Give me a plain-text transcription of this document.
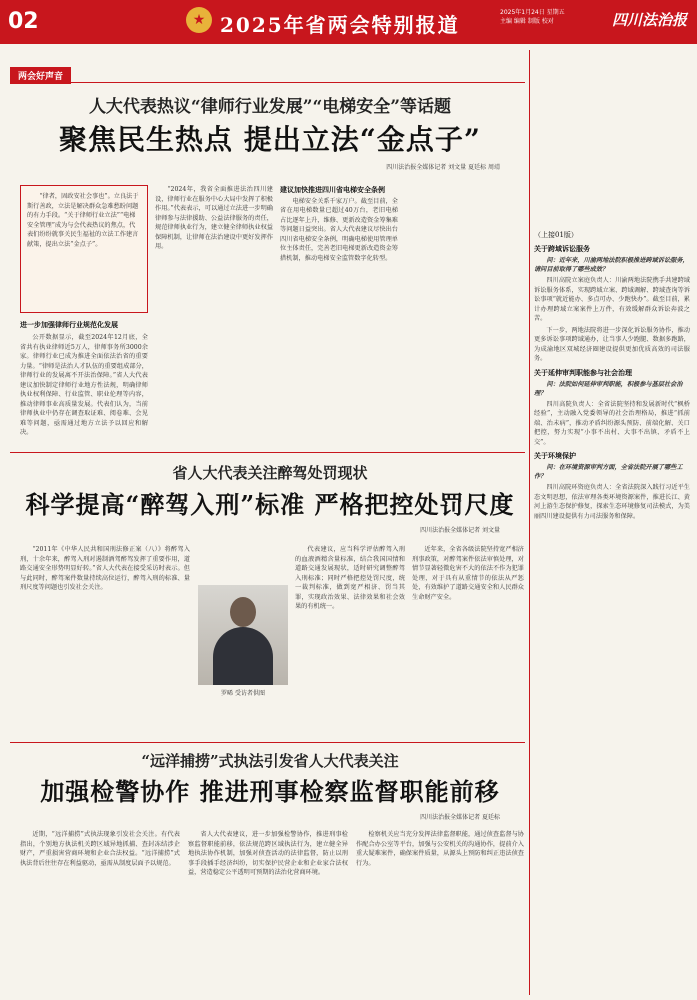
02	★ 2025年省两会特别报道
2025年1月24日 星期五
主编 编辑 制版 校对	四川法治报
两会好声音
人大代表热议“律师行业发展”“电梯安全”等话题
聚焦民生热点 提出立法“金点子”
四川法治报全媒体记者 刘文量 夏廷标 周靖

“律者，固政安社会事也”。立良法于斯行善政，立法是解决群众急难愁盼问题的有力手段。“关于律师行业立法”“电梯安全管理”成为与会代表热议的焦点，代表们纷纷就事关民生福祉的立法工作建言献策，提出立法“金点子”。

进一步加强律师行业规范化发展

公开数据显示，截至2024年12月底，全省共有执业律师近5万人，律师事务所3000余家。律师行业已成为推进全面依法治省的重要力量。“律师是法治人才队伍的重要组成部分，律师行业的发展离不开法治保障。”省人大代表建议加快制定律师行业地方性法规，明确律师执业权利保障、行业监管、职业伦理等内容，推动律师事业高质量发展。代表们认为，当前律师执业中仍存在调查取证难、阅卷难、会见难等问题，亟需通过地方立法予以回应和解决。

“2024年，我省全面推进法治四川建设，律师行业在服务中心大局中发挥了积极作用。”代表表示，可以通过立法进一步明确律师参与法律援助、公益法律服务的责任，规范律师执业行为，建立健全律师执业权益保障机制，让律师在法治建设中更好发挥作用。

建议加快推进四川省电梯安全条例

电梯安全关系千家万户。截至目前，全省在用电梯数量已超过40万台，老旧电梯占比逐年上升，维修、更新改造资金筹集难等问题日益突出。省人大代表建议尽快出台四川省电梯安全条例，明确电梯使用管理单位主体责任，完善老旧电梯更新改造资金筹措机制，推动电梯安全监管数字化转型。

（上接01版）
关于跨域诉讼服务
问：近年来，川渝两地法院积极推进跨域诉讼服务，请问目前取得了哪些成效？

四川高院立案庭负责人：川渝两地法院携手共建跨域诉讼服务体系，实现跨域立案、跨域调解、跨域查询等诉讼事项“就近能办、多点可办、少跑快办”。截至目前，累计办理跨域立案案件上万件，有效缓解群众诉讼奔波之苦。

下一步，两地法院将进一步深化诉讼服务协作，推动更多诉讼事项跨域通办，让当事人少跑腿、数据多跑路，为成渝地区双城经济圈建设提供更加优质高效的司法服务。

关于延伸审判职能参与社会治理
问：法院如何延伸审判职能，积极参与基层社会治理？

四川高院负责人：全省法院坚持和发展新时代“枫桥经验”，主动融入党委领导的社会治理格局，推进“抓前端、治未病”，推动矛盾纠纷源头预防、前端化解、关口把控，努力实现“小事不出村、大事不出镇、矛盾不上交”。

关于环境保护
问：在环境资源审判方面，全省法院开展了哪些工作？

四川高院环资庭负责人：全省法院深入践行习近平生态文明思想，依法审理各类环境资源案件，推进长江、黄河上游生态保护修复，探索生态环境修复司法模式，为美丽四川建设提供有力司法服务和保障。

省人大代表关注醉驾处罚现状
科学提高“醉驾入刑”标准 严格把控处罚尺度
四川法治报全媒体记者 刘文量

“2011年《中华人民共和国刑法修正案（八）》将醉驾入刑，十余年来，醉驾入刑对遏制酒驾醉驾发挥了重要作用，道路交通安全形势明显好转。”省人大代表在接受采访时表示。但与此同时，醉驾案件数量持续高位运行，醉驾入刑的标准、量刑尺度等问题也引发社会关注。

罗晞 受访者供图

代表建议，应当科学评估醉驾入刑的血液酒精含量标准，结合我国国情和道路交通发展现状，适时研究调整醉驾入刑标准；同时严格把控处罚尺度，统一裁判标准，做到宽严相济、罚当其罪，实现政治效果、法律效果和社会效果的有机统一。

近年来，全省各级法院坚持宽严相济刑事政策，对醉驾案件依法审慎处理，对情节显著轻微危害不大的依法不作为犯罪处理，对于具有从重情节的依法从严惩处，有效维护了道路交通安全和人民群众生命财产安全。

“远洋捕捞”式执法引发省人大代表关注
加强检警协作 推进刑事检察监督职能前移
四川法治报全媒体记者 夏廷标

近期，“远洋捕捞”式执法现象引发社会关注。有代表指出，个别地方执法机关跨区域异地抓捕、查封冻结涉企财产，严重损害营商环境和企业合法权益。“远洋捕捞”式执法背后往往存在利益驱动，亟需从制度层面予以规范。

省人大代表建议，进一步加强检警协作，推进刑事检察监督职能前移，依法规范跨区域执法行为，建立健全异地执法协作机制，加强对侦查活动的法律监督，防止以刑事手段插手经济纠纷，切实保护民营企业和企业家合法权益，营造稳定公平透明可预期的法治化营商环境。

检察机关应当充分发挥法律监督职能，通过侦查监督与协作配合办公室等平台，加强与公安机关的沟通协作，提前介入重大疑难案件，确保案件质量，从源头上预防和纠正违法侦查行为。
